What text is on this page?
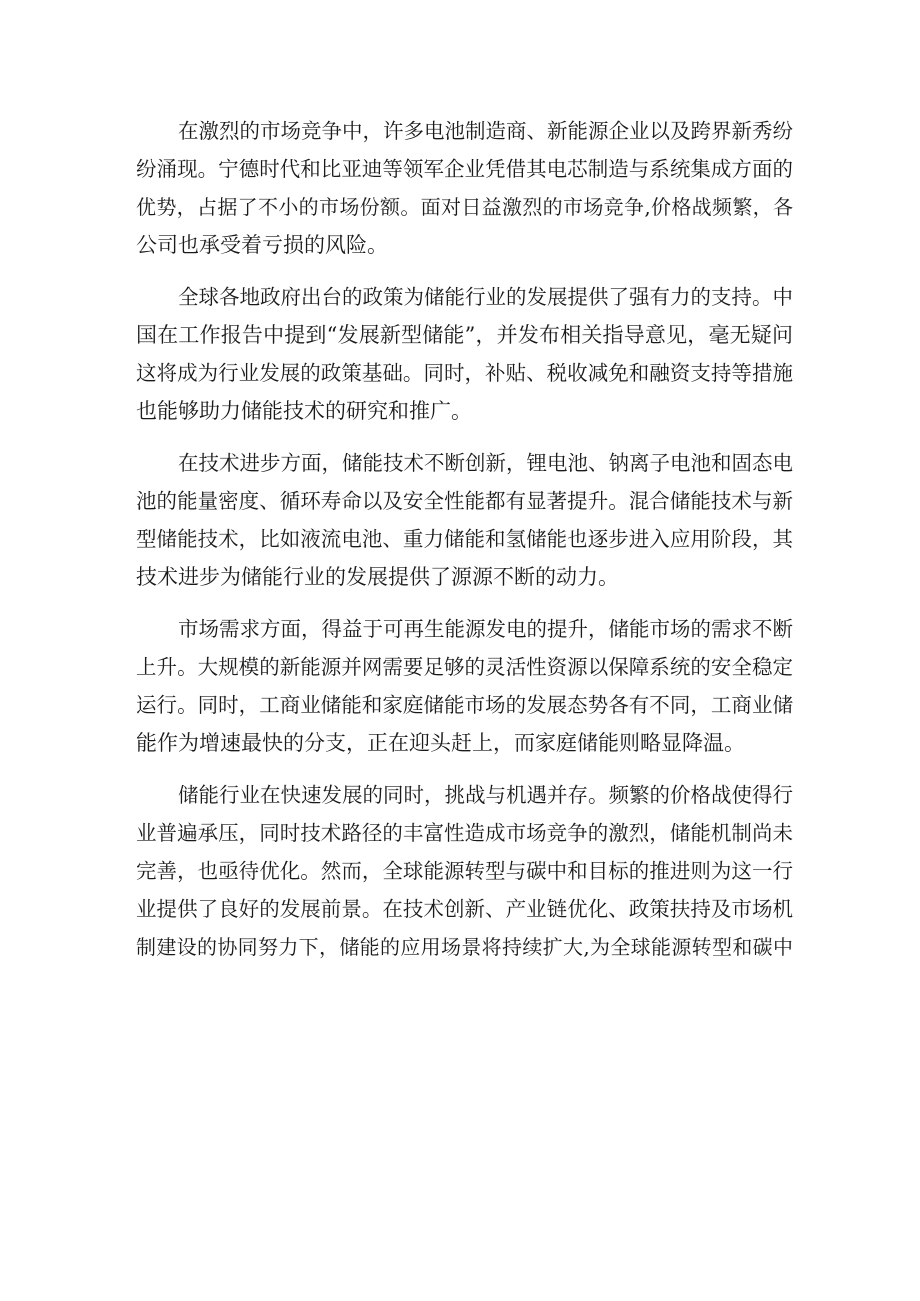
在激烈的市场竞争中，许多电池制造商、新能源企业以及跨界新秀纷
纷涌现。宁德时代和比亚迪等领军企业凭借其电芯制造与系统集成方面的
优势，占据了不小的市场份额。面对日益激烈的市场竞争,价格战频繁，各
公司也承受着亏损的风险。
全球各地政府出台的政策为储能行业的发展提供了强有力的支持。中
国在工作报告中提到“发展新型储能”，并发布相关指导意见，毫无疑问
这将成为行业发展的政策基础。同时，补贴、税收减免和融资支持等措施
也能够助力储能技术的研究和推广。
在技术进步方面，储能技术不断创新，锂电池、钠离子电池和固态电
池的能量密度、循环寿命以及安全性能都有显著提升。混合储能技术与新
型储能技术，比如液流电池、重力储能和氢储能也逐步进入应用阶段，其
技术进步为储能行业的发展提供了源源不断的动力。
市场需求方面，得益于可再生能源发电的提升，储能市场的需求不断
上升。大规模的新能源并网需要足够的灵活性资源以保障系统的安全稳定
运行。同时，工商业储能和家庭储能市场的发展态势各有不同，工商业储
能作为增速最快的分支，正在迎头赶上，而家庭储能则略显降温。
储能行业在快速发展的同时，挑战与机遇并存。频繁的价格战使得行
业普遍承压，同时技术路径的丰富性造成市场竞争的激烈，储能机制尚未
完善，也亟待优化。然而，全球能源转型与碳中和目标的推进则为这一行
业提供了良好的发展前景。在技术创新、产业链优化、政策扶持及市场机
制建设的协同努力下，储能的应用场景将持续扩大,为全球能源转型和碳中
